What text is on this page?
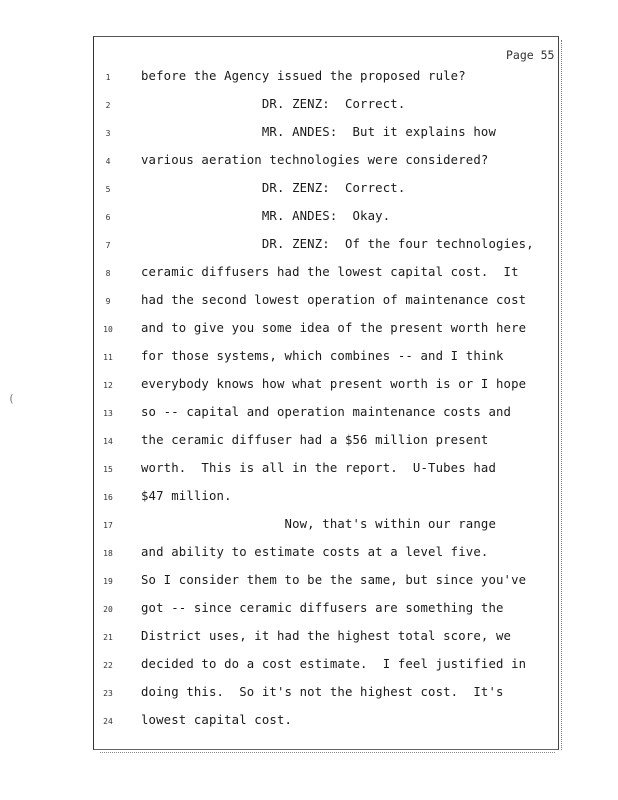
(
Page 55
1	before the Agency issued the proposed rule?
2	DR. ZENZ:  Correct.
3	MR. ANDES:  But it explains how
4	various aeration technologies were considered?
5	DR. ZENZ:  Correct.
6	MR. ANDES:  Okay.
7	DR. ZENZ:  Of the four technologies,
8	ceramic diffusers had the lowest capital cost.  It
9	had the second lowest operation of maintenance cost
10	and to give you some idea of the present worth here
11	for those systems, which combines -- and I think
12	everybody knows how what present worth is or I hope
13	so -- capital and operation maintenance costs and
14	the ceramic diffuser had a $56 million present
15	worth.  This is all in the report.  U-Tubes had
16	$47 million.
17	Now, that's within our range
18	and ability to estimate costs at a level five.
19	So I consider them to be the same, but since you've
20	got -- since ceramic diffusers are something the
21	District uses, it had the highest total score, we
22	decided to do a cost estimate.  I feel justified in
23	doing this.  So it's not the highest cost.  It's
24	lowest capital cost.
